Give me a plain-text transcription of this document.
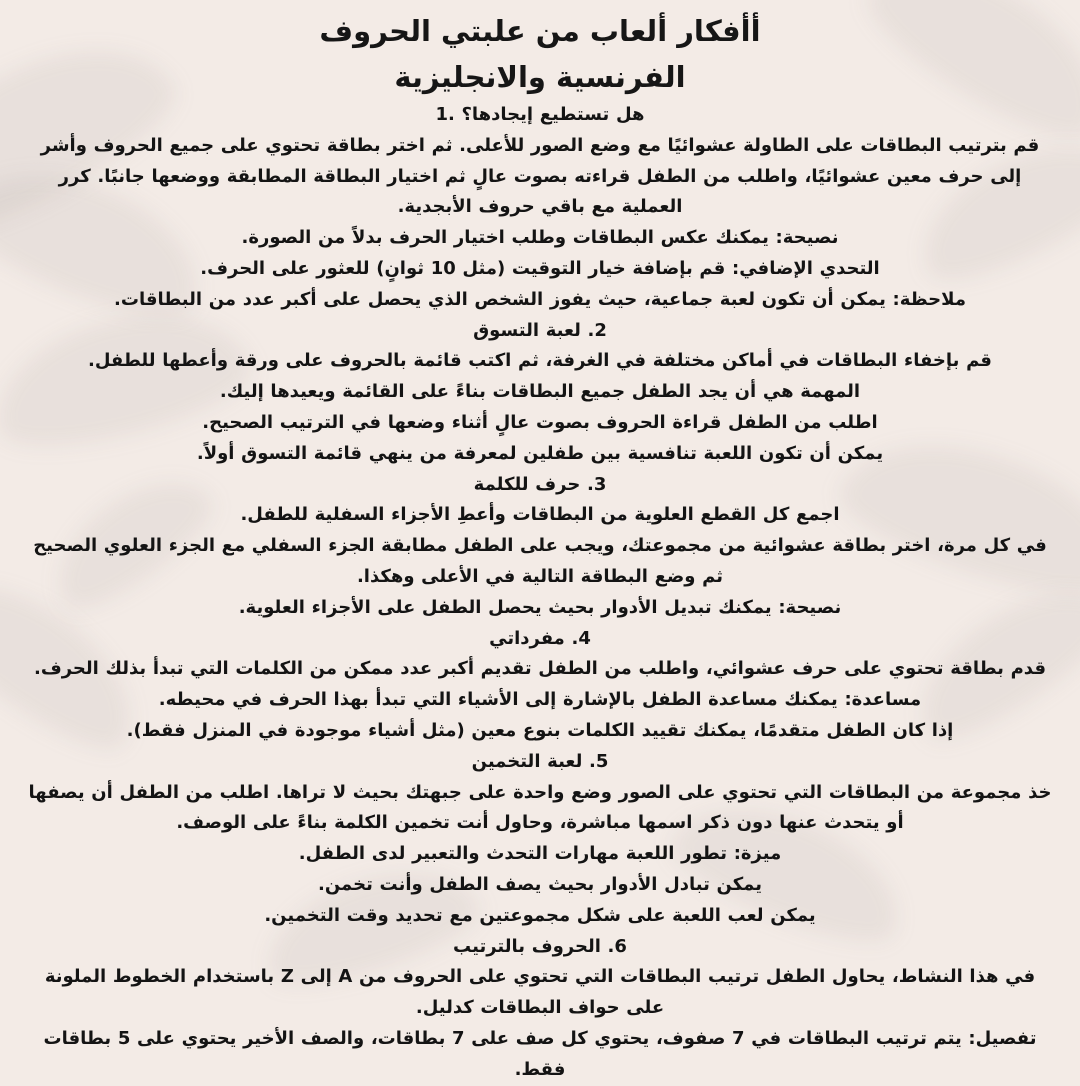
أأفكار ألعاب من علبتي الحروف
الفرنسية والانجليزية
هل تستطيع إيجادها؟ .1

قم بترتيب البطاقات على الطاولة عشوائيًا مع وضع الصور للأعلى. ثم اختر بطاقة تحتوي على جميع الحروف وأشر إلى حرف معين عشوائيًا، واطلب من الطفل قراءته بصوت عالٍ ثم اختيار البطاقة المطابقة ووضعها جانبًا. كرر العملية مع باقي حروف الأبجدية.

نصيحة: يمكنك عكس البطاقات وطلب اختيار الحرف بدلاً من الصورة.

التحدي الإضافي: قم بإضافة خيار التوقيت (مثل 10 ثوانٍ) للعثور على الحرف.

ملاحظة: يمكن أن تكون لعبة جماعية، حيث يفوز الشخص الذي يحصل على أكبر عدد من البطاقات.

2. لعبة التسوق

قم بإخفاء البطاقات في أماكن مختلفة في الغرفة، ثم اكتب قائمة بالحروف على ورقة وأعطها للطفل.

المهمة هي أن يجد الطفل جميع البطاقات بناءً على القائمة ويعيدها إليك.

اطلب من الطفل قراءة الحروف بصوت عالٍ أثناء وضعها في الترتيب الصحيح.

يمكن أن تكون اللعبة تنافسية بين طفلين لمعرفة من ينهي قائمة التسوق أولاً.

3. حرف للكلمة

اجمع كل القطع العلوية من البطاقات وأعطِ الأجزاء السفلية للطفل.

في كل مرة، اختر بطاقة عشوائية من مجموعتك، ويجب على الطفل مطابقة الجزء السفلي مع الجزء العلوي الصحيح ثم وضع البطاقة التالية في الأعلى وهكذا.

نصيحة: يمكنك تبديل الأدوار بحيث يحصل الطفل على الأجزاء العلوية.

4. مفرداتي

قدم بطاقة تحتوي على حرف عشوائي، واطلب من الطفل تقديم أكبر عدد ممكن من الكلمات التي تبدأ بذلك الحرف.

مساعدة: يمكنك مساعدة الطفل بالإشارة إلى الأشياء التي تبدأ بهذا الحرف في محيطه.

إذا كان الطفل متقدمًا، يمكنك تقييد الكلمات بنوع معين (مثل أشياء موجودة في المنزل فقط).

5. لعبة التخمين

خذ مجموعة من البطاقات التي تحتوي على الصور وضع واحدة على جبهتك بحيث لا تراها. اطلب من الطفل أن يصفها أو يتحدث عنها دون ذكر اسمها مباشرة، وحاول أنت تخمين الكلمة بناءً على الوصف.

ميزة: تطور اللعبة مهارات التحدث والتعبير لدى الطفل.

يمكن تبادل الأدوار بحيث يصف الطفل وأنت تخمن.

يمكن لعب اللعبة على شكل مجموعتين مع تحديد وقت التخمين.

6. الحروف بالترتيب

في هذا النشاط، يحاول الطفل ترتيب البطاقات التي تحتوي على الحروف من A إلى Z باستخدام الخطوط الملونة على حواف البطاقات كدليل.

تفصيل: يتم ترتيب البطاقات في 7 صفوف، يحتوي كل صف على 7 بطاقات، والصف الأخير يحتوي على 5 بطاقات فقط.
